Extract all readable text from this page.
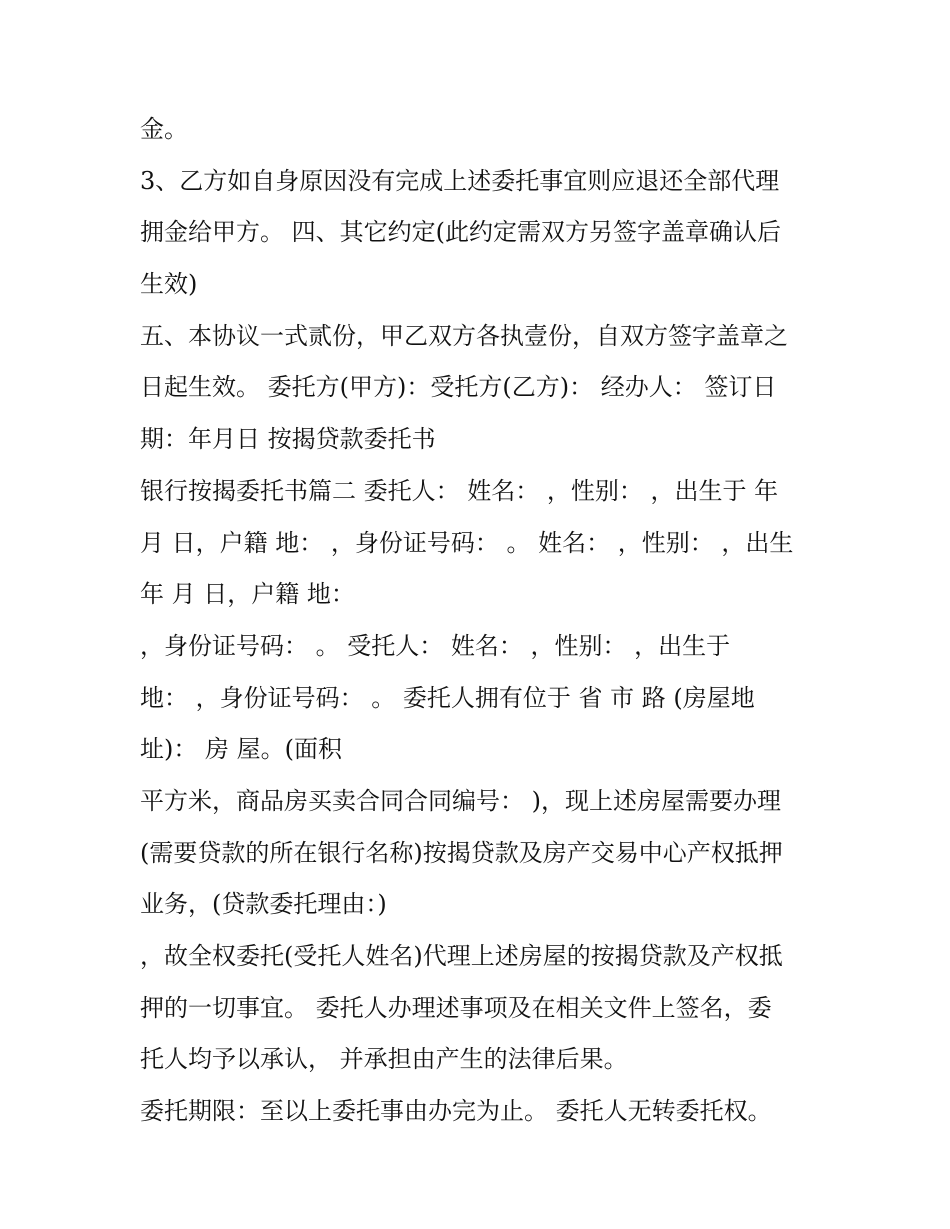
金。
3、乙方如自身原因没有完成上述委托事宜则应退还全部代理
拥金给甲方。 四、其它约定(此约定需双方另签字盖章确认后
生效)
五、本协议一式贰份，甲乙双方各执壹份，自双方签字盖章之
日起生效。 委托方(甲方)：受托方(乙方)： 经办人： 签订日
期：年月日 按揭贷款委托书
银行按揭委托书篇二 委托人： 姓名： ，性别： ，出生于 年
月 日，户籍 地： ，身份证号码： 。 姓名： ，性别： ，出生
年 月 日，户籍 地：
，身份证号码： 。 受托人： 姓名： ，性别： ，出生于
地： ，身份证号码： 。 委托人拥有位于 省 市 路 (房屋地
址)： 房 屋。(面积
平方米，商品房买卖合同合同编号： )，现上述房屋需要办理
(需要贷款的所在银行名称)按揭贷款及房产交易中心产权抵押
业务，(贷款委托理由：)
，故全权委托(受托人姓名)代理上述房屋的按揭贷款及产权抵
押的一切事宜。 委托人办理述事项及在相关文件上签名，委
托人均予以承认， 并承担由产生的法律后果。
委托期限：至以上委托事由办完为止。 委托人无转委托权。
